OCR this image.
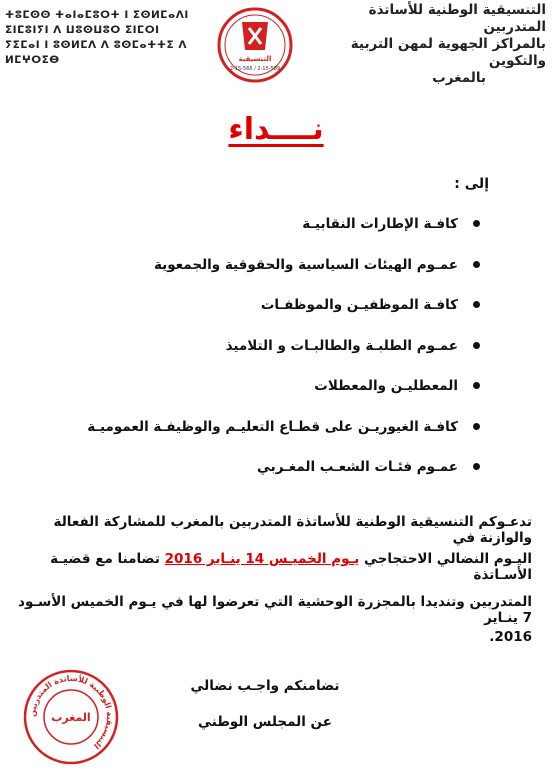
التنسيقية الوطنية للأساتذة المتدربين
بالمراكز الجهوية لمهن التربية والتكوين
بالمغرب
ⵜⵓⵎⵙⵙ ⵜⴰⵏⴰⵎⵓⵔⵜ ⵏ ⵉⵙⵍⵎⴰⴷⵏ
ⵉⵏⵎⵓⵏⵢⵏ ⴷ ⵡⵓⵙⵡⵓⵔ ⵉⵏⵎⵔⵏ
ⵢⵉⵎⴰⵏ ⵏ ⵓⵙⵍⵎⴷ ⴷ ⵓⵙⵎⴰⵜⵜⵉ ⴷ
ⵍⵎⵖⵔⵉⴱ	التنسيقية
2-15-566 / 2-15-589
نــــداء
إلى :
كافـة الإطارات النقابيـة
عمـوم الهيئات السياسية والحقوقية والجمعوية
كافـة الموظفيـن والموظفـات
عمـوم الطلبـة والطالبـات و التلاميذ
المعطليـن والمعطلات
كافـة الغيوريـن على قطـاع التعليـم والوظيفـة العموميـة
عمـوم فئـات الشعـب المغـربي
تدعـوكم التنسيقية الوطنية للأساتذة المتدربين بالمغرب للمشاركة الفعالة والوازنة في
اليـوم النضالي الاحتجاجي يـوم الخميـس 14 ينـاير 2016 تضامنا مع قضيـة الأسـاتذة
المتدربين وتنديدا بالمجزرة الوحشية التي تعرضوا لها في يـوم الخميس الأسـود 7 ينـاير
2016.
تضامنكم واجـب نضالي
عن المجلس الوطني
التنسيقية الوطنية للأساتذة المتدربين
المغرب
